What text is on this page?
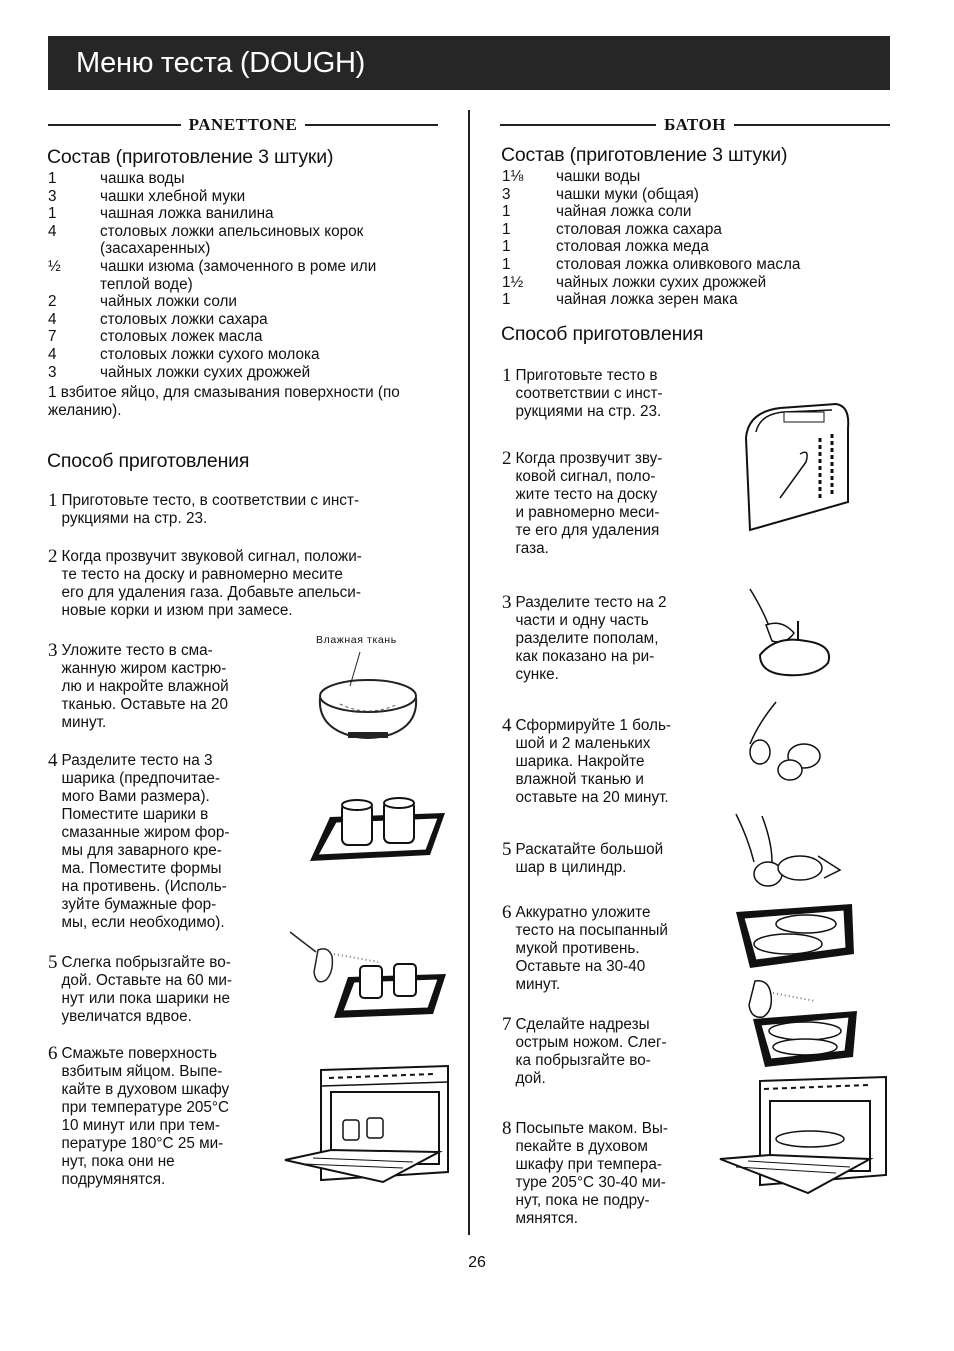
Меню теста (DOUGH)
PANETTONE
Состав (приготовление 3 штуки)
1	чашка воды
3	чашки хлебной муки
1	чашная ложка ванилина
4	столовых ложки апельсиновых корок
(засахаренных)
½	чашки изюма (замоченного в роме или
теплой воде)
2	чайных ложки соли
4	столовых ложки сахара
7	столовых ложек масла
4	столовых ложки сухого молока
3	чайных ложки сухих дрожжей
1 взбитое яйцо, для смазывания поверхности (по желанию).
Способ приготовления
1 Приготовьте тесто, в соответствии с инст-
рукциями на стр. 23.
2 Когда прозвучит звуковой сигнал, положи-
те тесто на доску и равномерно месите
его для удаления газа. Добавьте апельси-
новые корки и изюм при замесе.
3 Уложите тесто в сма-
жанную жиром кастрю-
лю и накройте влажной
тканью. Оставьте на 20
минут.
4 Разделите тесто на 3
шарика (предпочитае-
мого Вами размера).
Поместите шарики в
смазанные жиром фор-
мы для заварного кре-
ма. Поместите формы
на противень. (Исполь-
зуйте бумажные фор-
мы, если необходимо).
5 Слегка побрызгайте во-
дой. Оставьте на 60 ми-
нут или пока шарики не
увеличатся вдвое.
6 Смажьте поверхность
взбитым яйцом. Выпе-
кайте в духовом шкафу
при температуре 205°С
10 минут или при тем-
пературе 180°С 25 ми-
нут, пока они не
подрумянятся.
Влажная ткань
БАТОН
Состав (приготовление 3 штуки)
1⅛	чашки воды
3	чашки муки (общая)
1	чайная ложка соли
1	столовая ложка сахара
1	столовая ложка меда
1	столовая ложка оливкового масла
1½	чайных ложки сухих дрожжей
1	чайная ложка зерен мака
Способ приготовления
1 Приготовьте тесто в
соответствии с инст-
рукциями на стр. 23.
2 Когда прозвучит зву-
ковой сигнал, поло-
жите тесто на доску
и равномерно меси-
те его для удаления
газа.
3 Разделите тесто на 2
части и одну часть
разделите пополам,
как показано на ри-
сунке.
4 Сформируйте 1 боль-
шой и 2 маленьких
шарика. Накройте
влажной тканью и
оставьте на 20 минут.
5 Раскатайте большой
шар в цилиндр.
6 Аккуратно уложите
тесто на посыпанный
мукой противень.
Оставьте на 30-40
минут.
7 Сделайте надрезы
острым ножом. Слег-
ка побрызгайте во-
дой.
8 Посыпьте маком. Вы-
пекайте в духовом
шкафу при темпера-
туре 205°С 30-40 ми-
нут, пока не подру-
мянятся.
26
